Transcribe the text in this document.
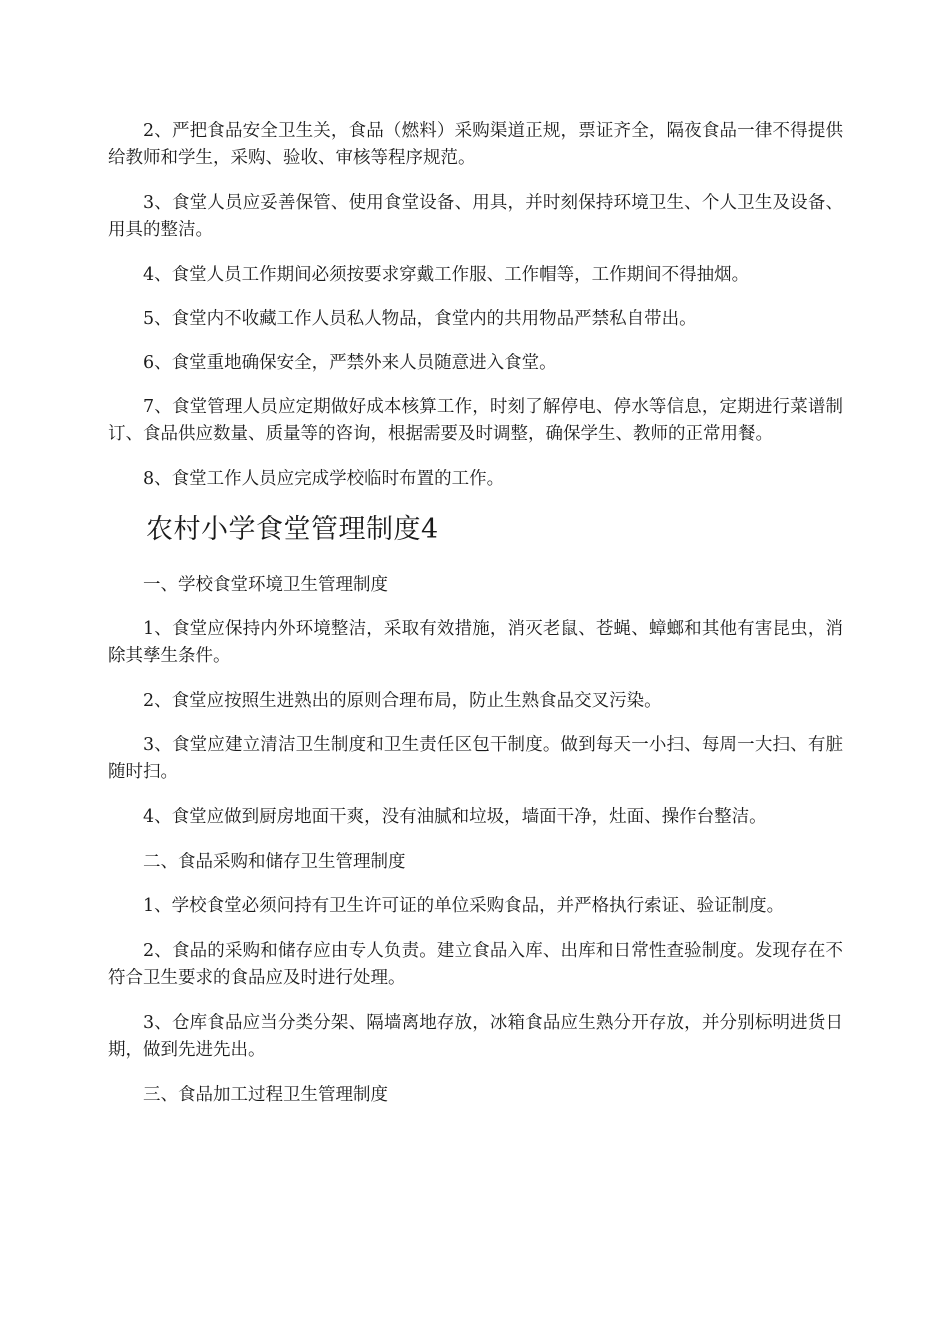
2、严把食品安全卫生关，食品（燃料）采购渠道正规，票证齐全，隔夜食品一律不得提供给教师和学生，采购、验收、审核等程序规范。

3、食堂人员应妥善保管、使用食堂设备、用具，并时刻保持环境卫生、个人卫生及设备、用具的整洁。

4、食堂人员工作期间必须按要求穿戴工作服、工作帽等，工作期间不得抽烟。

5、食堂内不收藏工作人员私人物品，食堂内的共用物品严禁私自带出。

6、食堂重地确保安全，严禁外来人员随意进入食堂。

7、食堂管理人员应定期做好成本核算工作，时刻了解停电、停水等信息，定期进行菜谱制订、食品供应数量、质量等的咨询，根据需要及时调整，确保学生、教师的正常用餐。

8、食堂工作人员应完成学校临时布置的工作。

农村小学食堂管理制度4

一、学校食堂环境卫生管理制度

1、食堂应保持内外环境整洁，采取有效措施，消灭老鼠、苍蝇、蟑螂和其他有害昆虫，消除其孳生条件。

2、食堂应按照生进熟出的原则合理布局，防止生熟食品交叉污染。

3、食堂应建立清洁卫生制度和卫生责任区包干制度。做到每天一小扫、每周一大扫、有脏随时扫。

4、食堂应做到厨房地面干爽，没有油腻和垃圾，墙面干净，灶面、操作台整洁。

二、食品采购和储存卫生管理制度

1、学校食堂必须问持有卫生许可证的单位采购食品，并严格执行索证、验证制度。

2、食品的采购和储存应由专人负责。建立食品入库、出库和日常性查验制度。发现存在不符合卫生要求的食品应及时进行处理。

3、仓库食品应当分类分架、隔墙离地存放，冰箱食品应生熟分开存放，并分别标明进货日期，做到先进先出。

三、食品加工过程卫生管理制度
